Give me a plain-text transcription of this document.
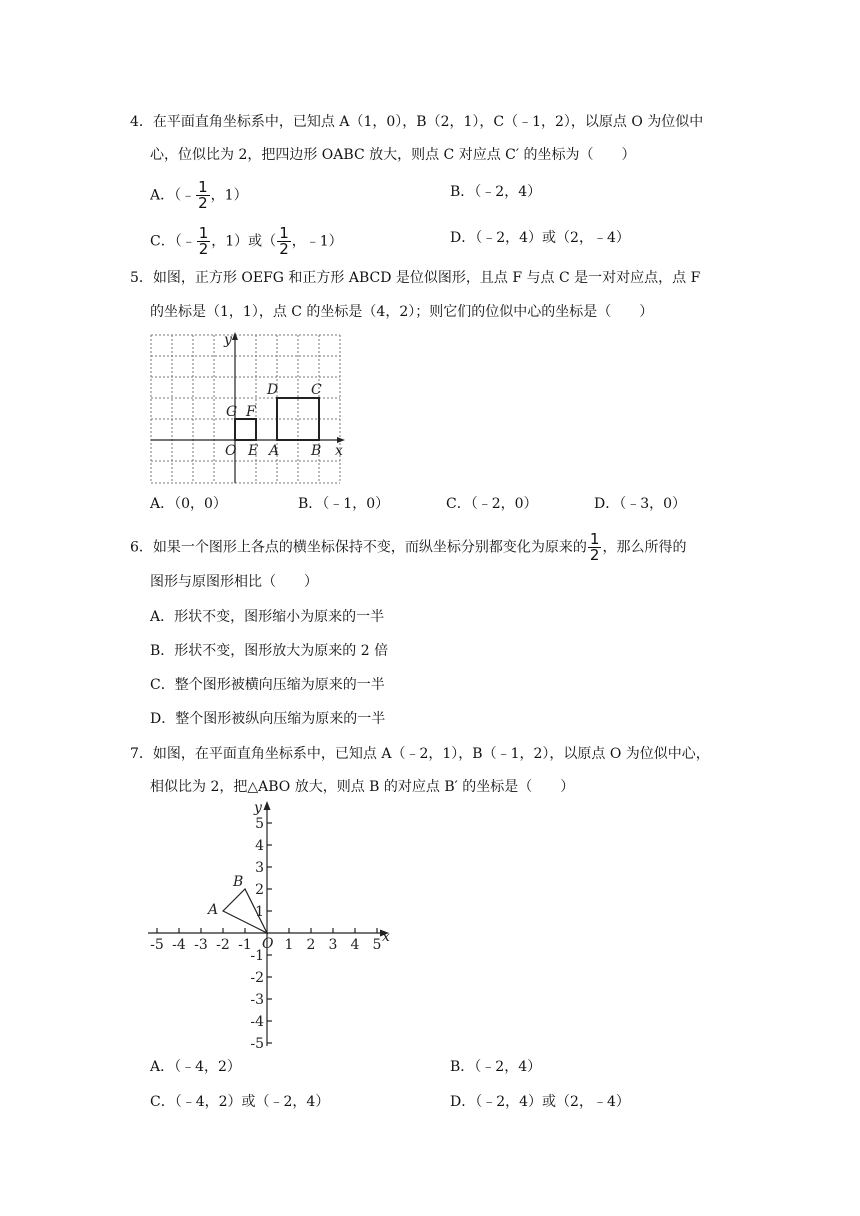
4．在平面直角坐标系中，已知点 A（1，0），B（2，1），C（﹣1，2），以原点 O 为位似中
心，位似比为 2，把四边形 OABC 放大，则点 C 对应点 C′ 的坐标为（　　）
A．（﹣ $\frac{1}{2}$ ，1）	B．（﹣2，4）
C．（﹣ $\frac{1}{2}$ ，1）或（ $\frac{1}{2}$ ，﹣1）	D．（﹣2，4）或（2，﹣4）
5．如图，正方形 OEFG 和正方形 ABCD 是位似图形，且点 F 与点 C 是一对对应点，点 F
的坐标是（1，1），点 C 的坐标是（4，2）；则它们的位似中心的坐标是（　　）
y
x
O E
F
G
A B
C
D
A．（0，0）	B．（﹣1，0）	C．（﹣2，0）	D．（﹣3，0）
6．如果一个图形上各点的横坐标保持不变，而纵坐标分别都变化为原来的 $\frac{1}{2}$ ，那么所得的
图形与原图形相比（　　）
A．形状不变，图形缩小为原来的一半
B．形状不变，图形放大为原来的 2 倍
C．整个图形被横向压缩为原来的一半
D．整个图形被纵向压缩为原来的一半
7．如图，在平面直角坐标系中，已知点 A（﹣2，1），B（﹣1，2），以原点 O 为位似中心，
相似比为 2，把△ABO 放大，则点 B 的对应点 B′ 的坐标是（　　）
-5 -4 -3 -2 -1 1 2 3 4 5
5
4
3
2
1
-1
-2
-3
-4
-5
y
x
O
A
B
A．（﹣4，2）	B．（﹣2，4）
C．（﹣4，2）或（﹣2，4）	D．（﹣2，4）或（2，﹣4）
